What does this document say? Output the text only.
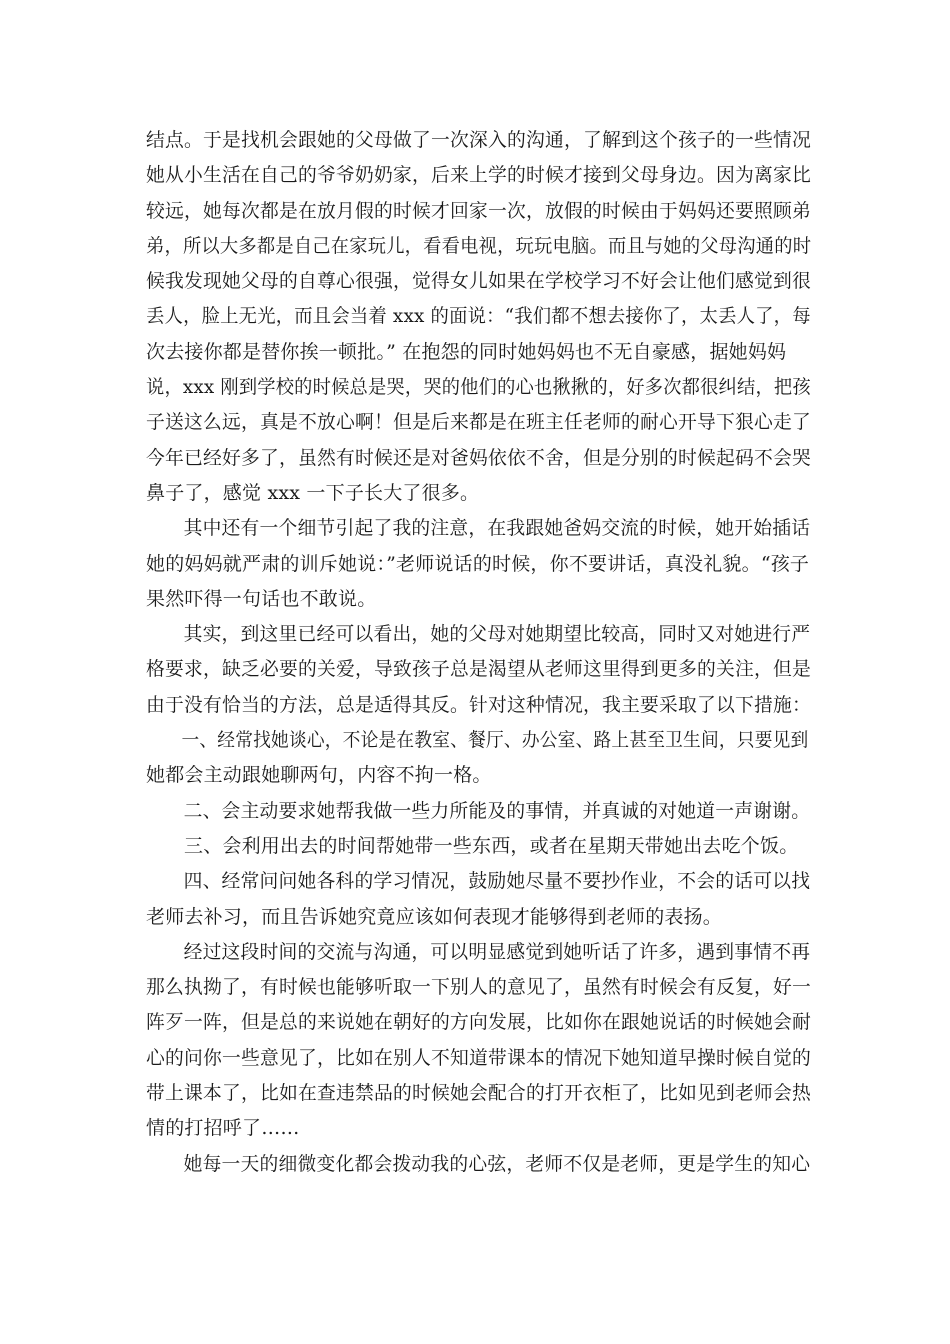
结点。于是找机会跟她的父母做了一次深入的沟通，了解到这个孩子的一些情况
她从小生活在自己的爷爷奶奶家，后来上学的时候才接到父母身边。因为离家比
较远，她每次都是在放月假的时候才回家一次，放假的时候由于妈妈还要照顾弟
弟，所以大多都是自己在家玩儿，看看电视，玩玩电脑。而且与她的父母沟通的时
候我发现她父母的自尊心很强，觉得女儿如果在学校学习不好会让他们感觉到很
丢人，脸上无光，而且会当着 xxx 的面说：“我们都不想去接你了，太丢人了，每
次去接你都是替你挨一顿批。” 在抱怨的同时她妈妈也不无自豪感，据她妈妈
说，xxx 刚到学校的时候总是哭，哭的他们的心也揪揪的，好多次都很纠结，把孩
子送这么远，真是不放心啊！但是后来都是在班主任老师的耐心开导下狠心走了
今年已经好多了，虽然有时候还是对爸妈依依不舍，但是分别的时候起码不会哭
鼻子了，感觉 xxx 一下子长大了很多。
其中还有一个细节引起了我的注意，在我跟她爸妈交流的时候，她开始插话
她的妈妈就严肃的训斥她说：”老师说话的时候，你不要讲话，真没礼貌。“孩子
果然吓得一句话也不敢说。
其实，到这里已经可以看出，她的父母对她期望比较高，同时又对她进行严
格要求，缺乏必要的关爱，导致孩子总是渴望从老师这里得到更多的关注，但是
由于没有恰当的方法，总是适得其反。针对这种情况，我主要采取了以下措施：
一、经常找她谈心，不论是在教室、餐厅、办公室、路上甚至卫生间，只要见到
她都会主动跟她聊两句，内容不拘一格。
二、会主动要求她帮我做一些力所能及的事情，并真诚的对她道一声谢谢。
三、会利用出去的时间帮她带一些东西，或者在星期天带她出去吃个饭。
四、经常问问她各科的学习情况，鼓励她尽量不要抄作业，不会的话可以找
老师去补习，而且告诉她究竟应该如何表现才能够得到老师的表扬。
经过这段时间的交流与沟通，可以明显感觉到她听话了许多，遇到事情不再
那么执拗了，有时候也能够听取一下别人的意见了，虽然有时候会有反复，好一
阵歹一阵，但是总的来说她在朝好的方向发展，比如你在跟她说话的时候她会耐
心的问你一些意见了，比如在别人不知道带课本的情况下她知道早操时候自觉的
带上课本了，比如在查违禁品的时候她会配合的打开衣柜了，比如见到老师会热
情的打招呼了……
她每一天的细微变化都会拨动我的心弦，老师不仅是老师，更是学生的知心
